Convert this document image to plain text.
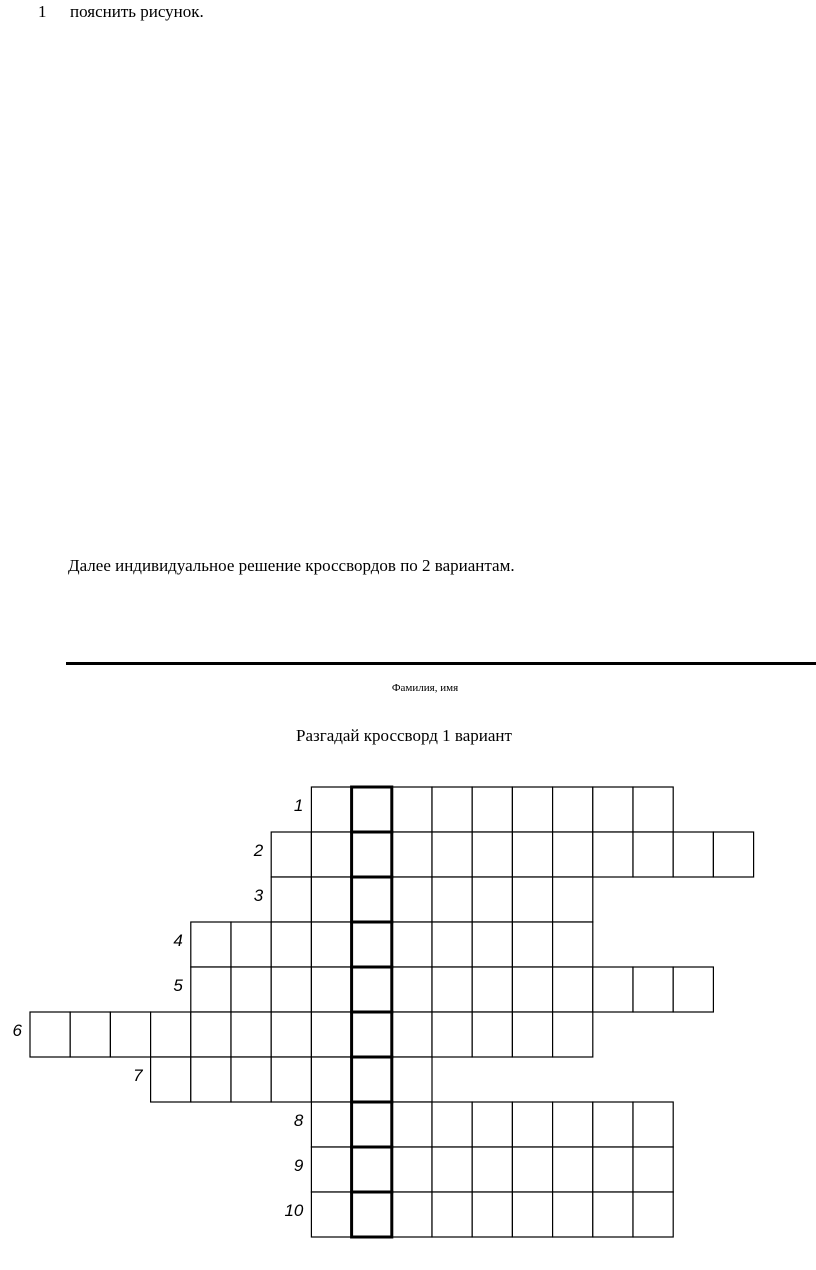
1 пояснить рисунок.
Далее индивидуальное решение кроссвордов по 2 вариантам.
Фамилия, имя
Разгадай кроссворд 1 вариант
1
2
3
4
5
6
7
8
9
10
